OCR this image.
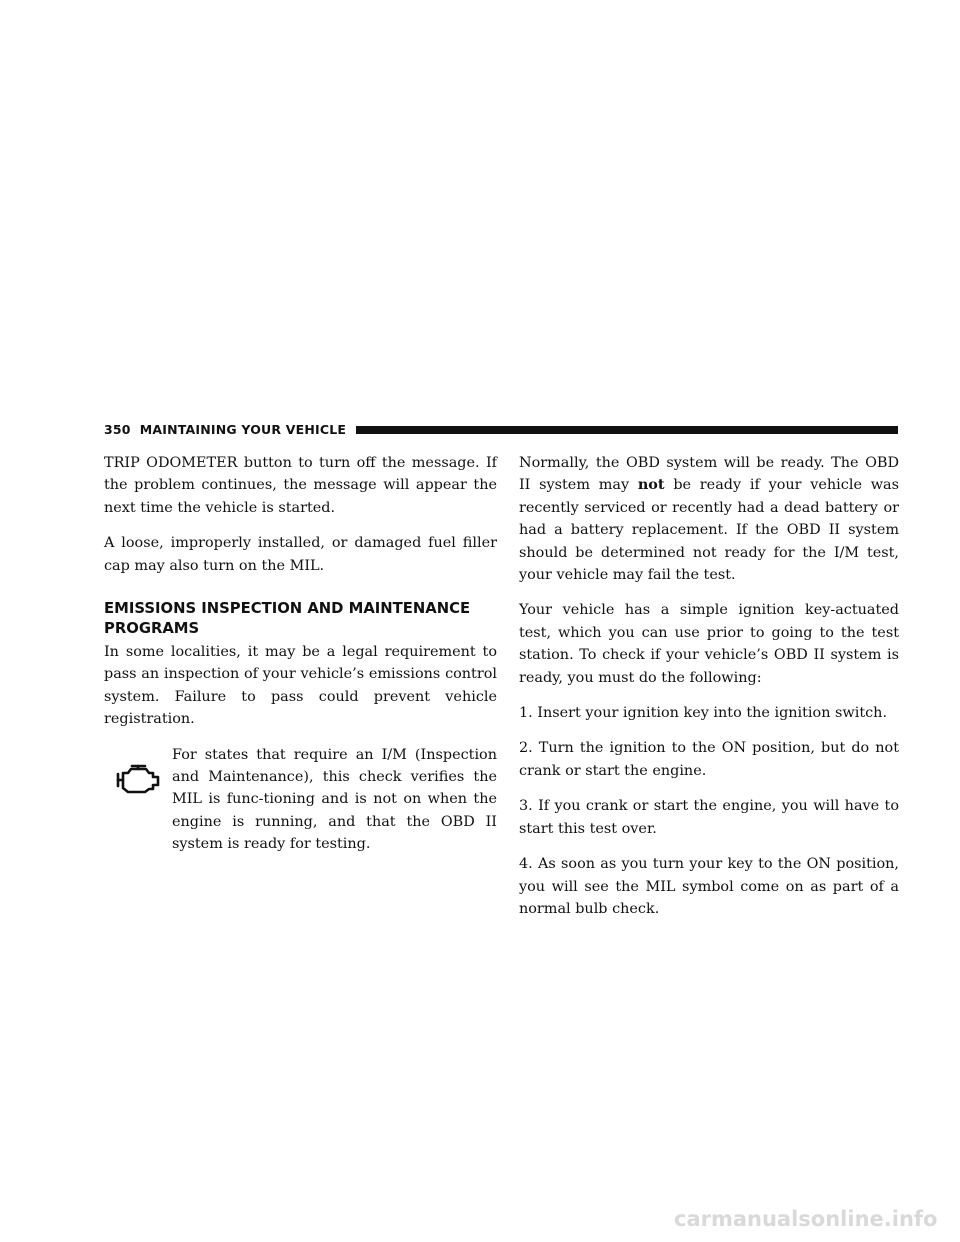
350 MAINTAINING YOUR VEHICLE

TRIP ODOMETER button to turn off the message. If the problem continues, the message will appear the next time the vehicle is started.

A loose, improperly installed, or damaged fuel filler cap may also turn on the MIL.

EMISSIONS INSPECTION AND MAINTENANCE PROGRAMS

In some localities, it may be a legal requirement to pass an inspection of your vehicle’s emissions control system. Failure to pass could prevent vehicle registration.

For states that require an I/M (Inspection and Maintenance), this check verifies the MIL is func-tioning and is not on when the engine is running, and that the OBD II system is ready for testing.

Normally, the OBD system will be ready. The OBD II system may not be ready if your vehicle was recently serviced or recently had a dead battery or had a battery replacement. If the OBD II system should be determined not ready for the I/M test, your vehicle may fail the test.

Your vehicle has a simple ignition key-actuated test, which you can use prior to going to the test station. To check if your vehicle’s OBD II system is ready, you must do the following:

1. Insert your ignition key into the ignition switch.

2. Turn the ignition to the ON position, but do not crank or start the engine.

3. If you crank or start the engine, you will have to start this test over.

4. As soon as you turn your key to the ON position, you will see the MIL symbol come on as part of a normal bulb check.

carmanualsonline.info
